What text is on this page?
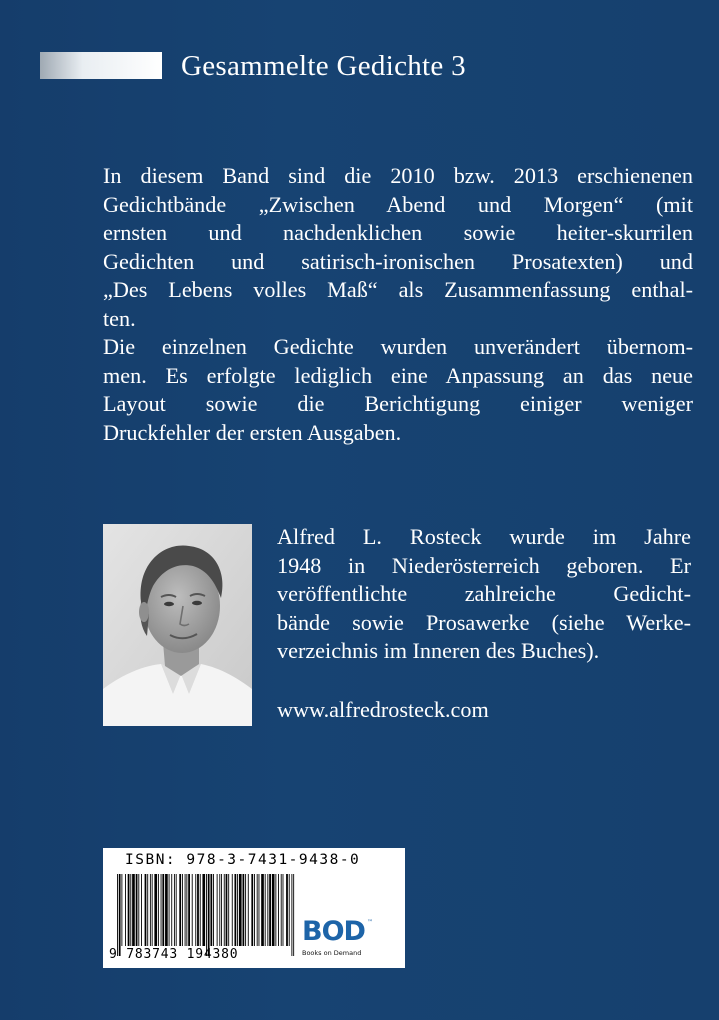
Gesammelte Gedichte 3
In diesem Band sind die 2010 bzw. 2013 erschienenen
Gedichtbände „Zwischen Abend und Morgen“ (mit
ernsten und nachdenklichen sowie heiter-skurrilen
Gedichten und satirisch-ironischen Prosatexten) und
„Des Lebens volles Maß“ als Zusammenfassung enthal-
ten.
Die einzelnen Gedichte wurden unverändert übernom-
men. Es erfolgte lediglich eine Anpassung an das neue
Layout sowie die Berichtigung einiger weniger
Druckfehler der ersten Ausgaben.
Alfred L. Rosteck wurde im Jahre
1948 in Niederösterreich geboren. Er
veröffentlichte zahlreiche Gedicht-
bände sowie Prosawerke (siehe Werke-
verzeichnis im Inneren des Buches).
www.alfredrosteck.com
ISBN: 978-3-7431-9438-0
9 783743 194380
BOD ™
Books on Demand
